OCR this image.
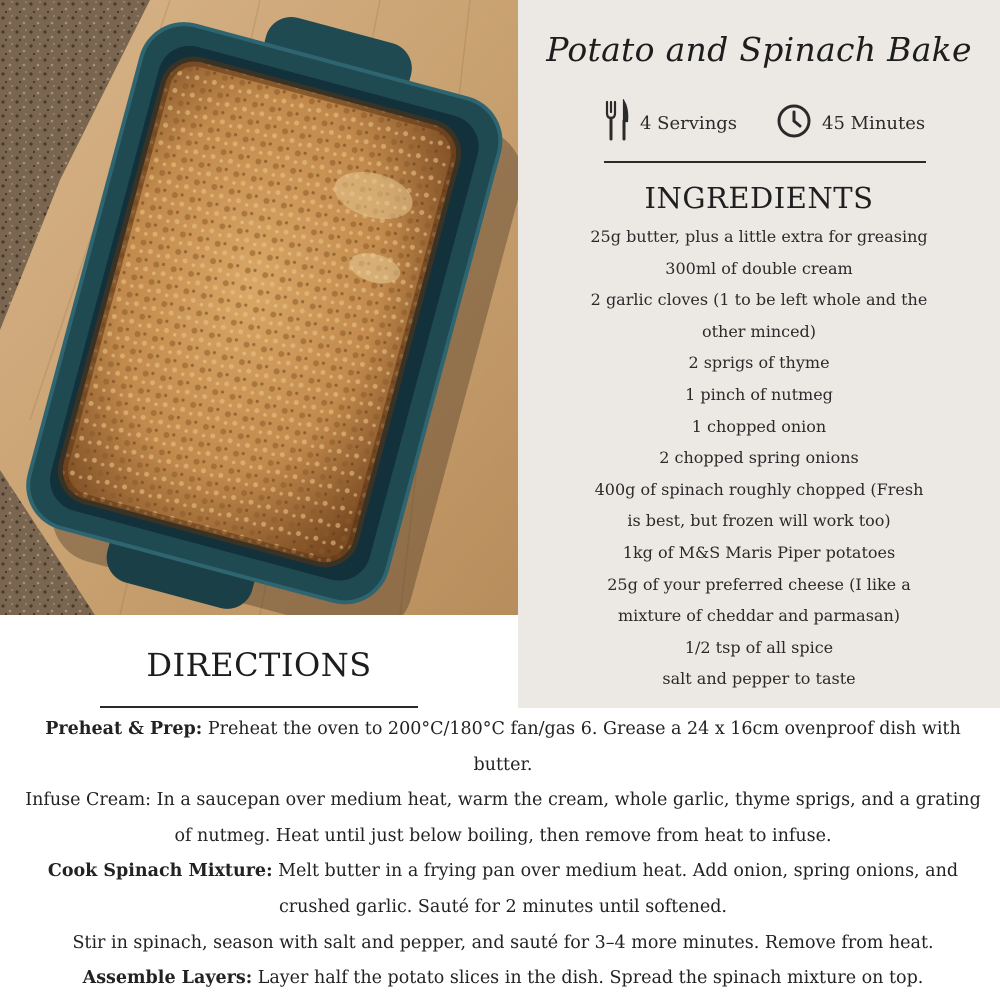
Potato and Spinach Bake
4 Servings	45 Minutes
INGREDIENTS
25g butter, plus a little extra for greasing
300ml of double cream
2 garlic cloves (1 to be left whole and the
other minced)
2 sprigs of thyme
1 pinch of nutmeg
1 chopped onion
2 chopped spring onions
400g of spinach roughly chopped (Fresh
is best, but frozen will work too)
1kg of M&S Maris Piper potatoes
25g of your preferred cheese (I like a
mixture of cheddar and parmasan)
1/2 tsp of all spice
salt and pepper to taste
DIRECTIONS

Preheat & Prep: Preheat the oven to 200°C/180°C fan/gas 6. Grease a 24 x 16cm ovenproof dish with butter.

Infuse Cream: In a saucepan over medium heat, warm the cream, whole garlic, thyme sprigs, and a grating of nutmeg. Heat until just below boiling, then remove from heat to infuse.

Cook Spinach Mixture: Melt butter in a frying pan over medium heat. Add onion, spring onions, and crushed garlic. Sauté for 2 minutes until softened.

Stir in spinach, season with salt and pepper, and sauté for 3–4 more minutes. Remove from heat.

Assemble Layers: Layer half the potato slices in the dish. Spread the spinach mixture on top.
